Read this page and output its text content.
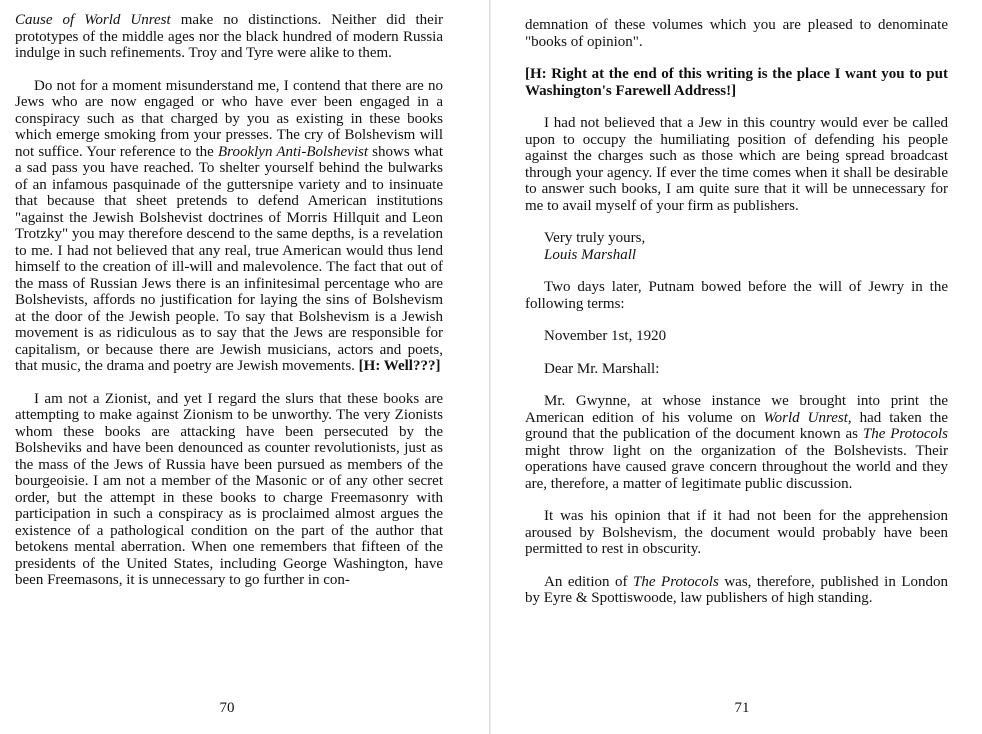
Cause of World Unrest make no distinctions. Neither did their prototypes of the middle ages nor the black hundred of modern Russia indulge in such refinements. Troy and Tyre were alike to them.

Do not for a moment misunderstand me, I contend that there are no Jews who are now engaged or who have ever been engaged in a conspiracy such as that charged by you as existing in these books which emerge smoking from your presses. The cry of Bolshevism will not suffice. Your reference to the Brooklyn Anti-Bolshevist shows what a sad pass you have reached. To shelter yourself behind the bulwarks of an infamous pasquinade of the guttersnipe variety and to insinuate that because that sheet pretends to defend American institutions "against the Jewish Bolshevist doctrines of Morris Hillquit and Leon Trotzky" you may therefore descend to the same depths, is a revelation to me. I had not believed that any real, true American would thus lend himself to the creation of ill-will and malevolence. The fact that out of the mass of Russian Jews there is an infinitesimal percentage who are Bolshevists, affords no justification for laying the sins of Bolshevism at the door of the Jewish people. To say that Bolshevism is a Jewish movement is as ridiculous as to say that the Jews are responsible for capitalism, or because there are Jewish musicians, actors and poets, that music, the drama and poetry are Jewish movements. [H: Well???]

I am not a Zionist, and yet I regard the slurs that these books are attempting to make against Zionism to be unworthy. The very Zionists whom these books are attacking have been persecuted by the Bolsheviks and have been denounced as counter revolutionists, just as the mass of the Jews of Russia have been pursued as members of the bourgeoisie. I am not a member of the Masonic or of any other secret order, but the attempt in these books to charge Freemasonry with participation in such a conspiracy as is proclaimed almost argues the existence of a pathological condition on the part of the author that betokens mental aberration. When one remembers that fifteen of the presidents of the United States, including George Washington, have been Freemasons, it is unnecessary to go further in con-

70

demnation of these volumes which you are pleased to denominate "books of opinion".

[H: Right at the end of this writing is the place I want you to put Washington's Farewell Address!]

I had not believed that a Jew in this country would ever be called upon to occupy the humiliating position of defending his people against the charges such as those which are being spread broadcast through your agency. If ever the time comes when it shall be desirable to answer such books, I am quite sure that it will be unnecessary for me to avail myself of your firm as publishers.

Very truly yours,

Louis Marshall

Two days later, Putnam bowed before the will of Jewry in the following terms:

November 1st, 1920

Dear Mr. Marshall:

Mr. Gwynne, at whose instance we brought into print the American edition of his volume on World Unrest, had taken the ground that the publication of the document known as The Protocols might throw light on the organization of the Bolshevists. Their operations have caused grave concern throughout the world and they are, therefore, a matter of legitimate public discussion.

It was his opinion that if it had not been for the apprehension aroused by Bolshevism, the document would probably have been permitted to rest in obscurity.

An edition of The Protocols was, therefore, published in London by Eyre & Spottiswoode, law publishers of high standing.

71
